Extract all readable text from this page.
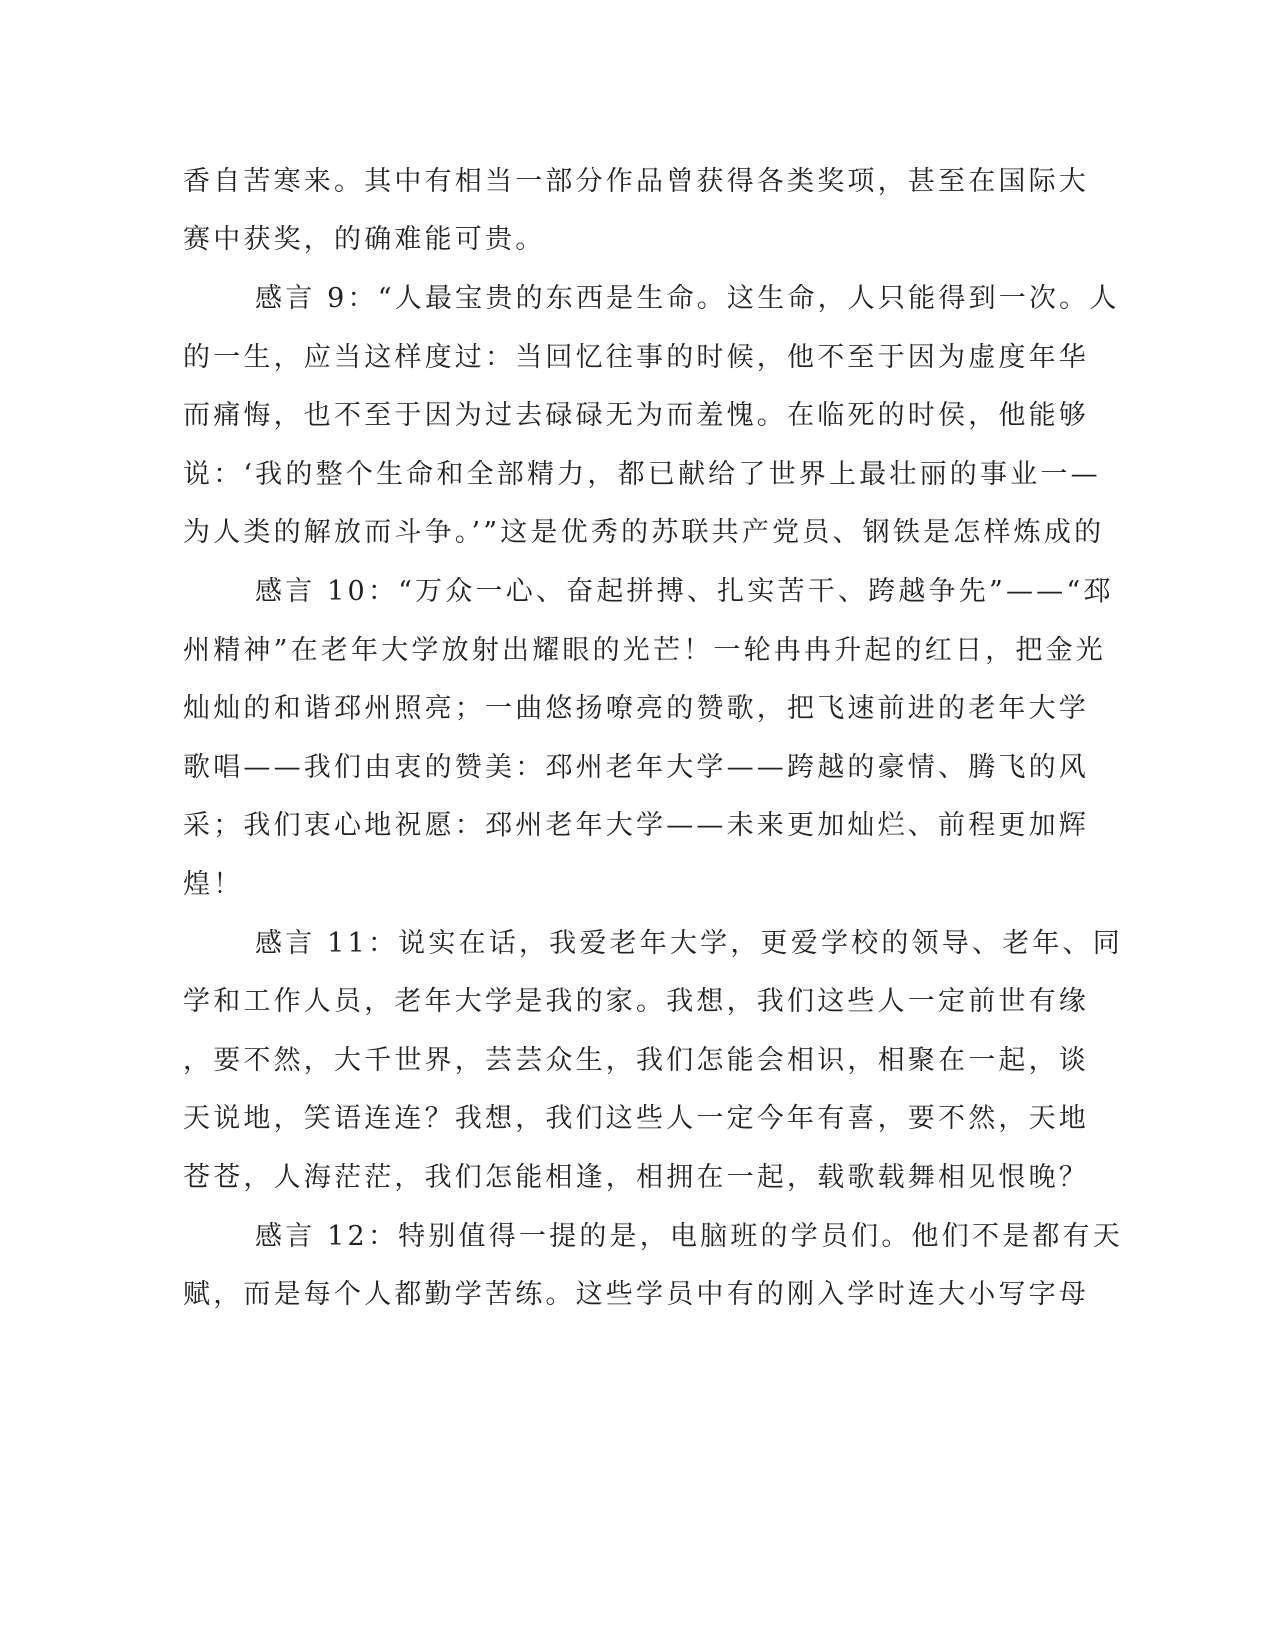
香自苦寒来。其中有相当一部分作品曾获得各类奖项，甚至在国际大

赛中获奖，的确难能可贵。

感言 9：“人最宝贵的东西是生命。这生命，人只能得到一次。人

的一生，应当这样度过：当回忆往事的时候，他不至于因为虚度年华

而痛悔，也不至于因为过去碌碌无为而羞愧。在临死的时侯，他能够

说：‘我的整个生命和全部精力，都已献给了世界上最壮丽的事业一—

为人类的解放而斗争。’”这是优秀的苏联共产党员、钢铁是怎样炼成的

感言 10：“万众一心、奋起拼搏、扎实苦干、跨越争先”——“邳

州精神”在老年大学放射出耀眼的光芒！一轮冉冉升起的红日，把金光

灿灿的和谐邳州照亮；一曲悠扬嘹亮的赞歌，把飞速前进的老年大学

歌唱——我们由衷的赞美：邳州老年大学——跨越的豪情、腾飞的风

采；我们衷心地祝愿：邳州老年大学——未来更加灿烂、前程更加辉

煌！

感言 11：说实在话，我爱老年大学，更爱学校的领导、老年、同

学和工作人员，老年大学是我的家。我想，我们这些人一定前世有缘

，要不然，大千世界，芸芸众生，我们怎能会相识，相聚在一起，谈

天说地，笑语连连？我想，我们这些人一定今年有喜，要不然，天地

苍苍，人海茫茫，我们怎能相逢，相拥在一起，载歌载舞相见恨晚？

感言 12：特别值得一提的是，电脑班的学员们。他们不是都有天

赋，而是每个人都勤学苦练。这些学员中有的刚入学时连大小写字母
